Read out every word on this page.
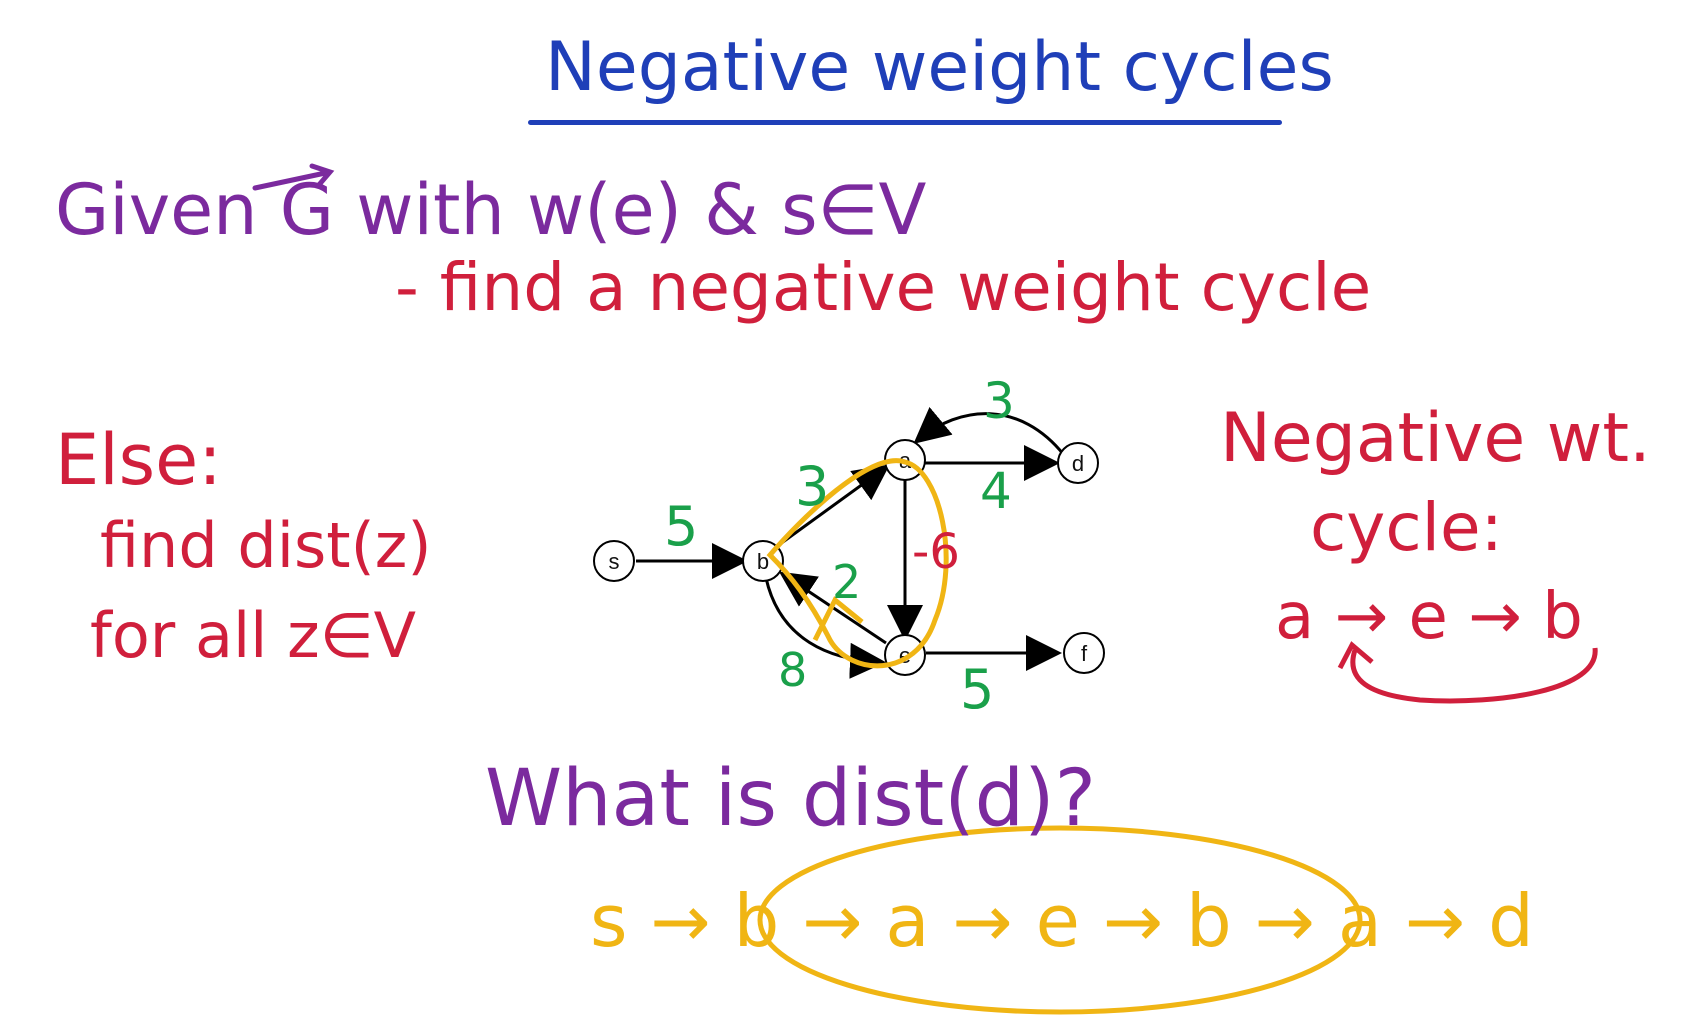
Negative weight cycles
Given G with w(e) & s∈V
- find a negative weight cycle
Else:
find dist(z)
for all z∈V
s	b
a	d
e	f
5
3
3
4
-6
2
8	5
Negative wt.
cycle:
a → e → b
What is dist(d)?
s → b → a → e → b → a → d
